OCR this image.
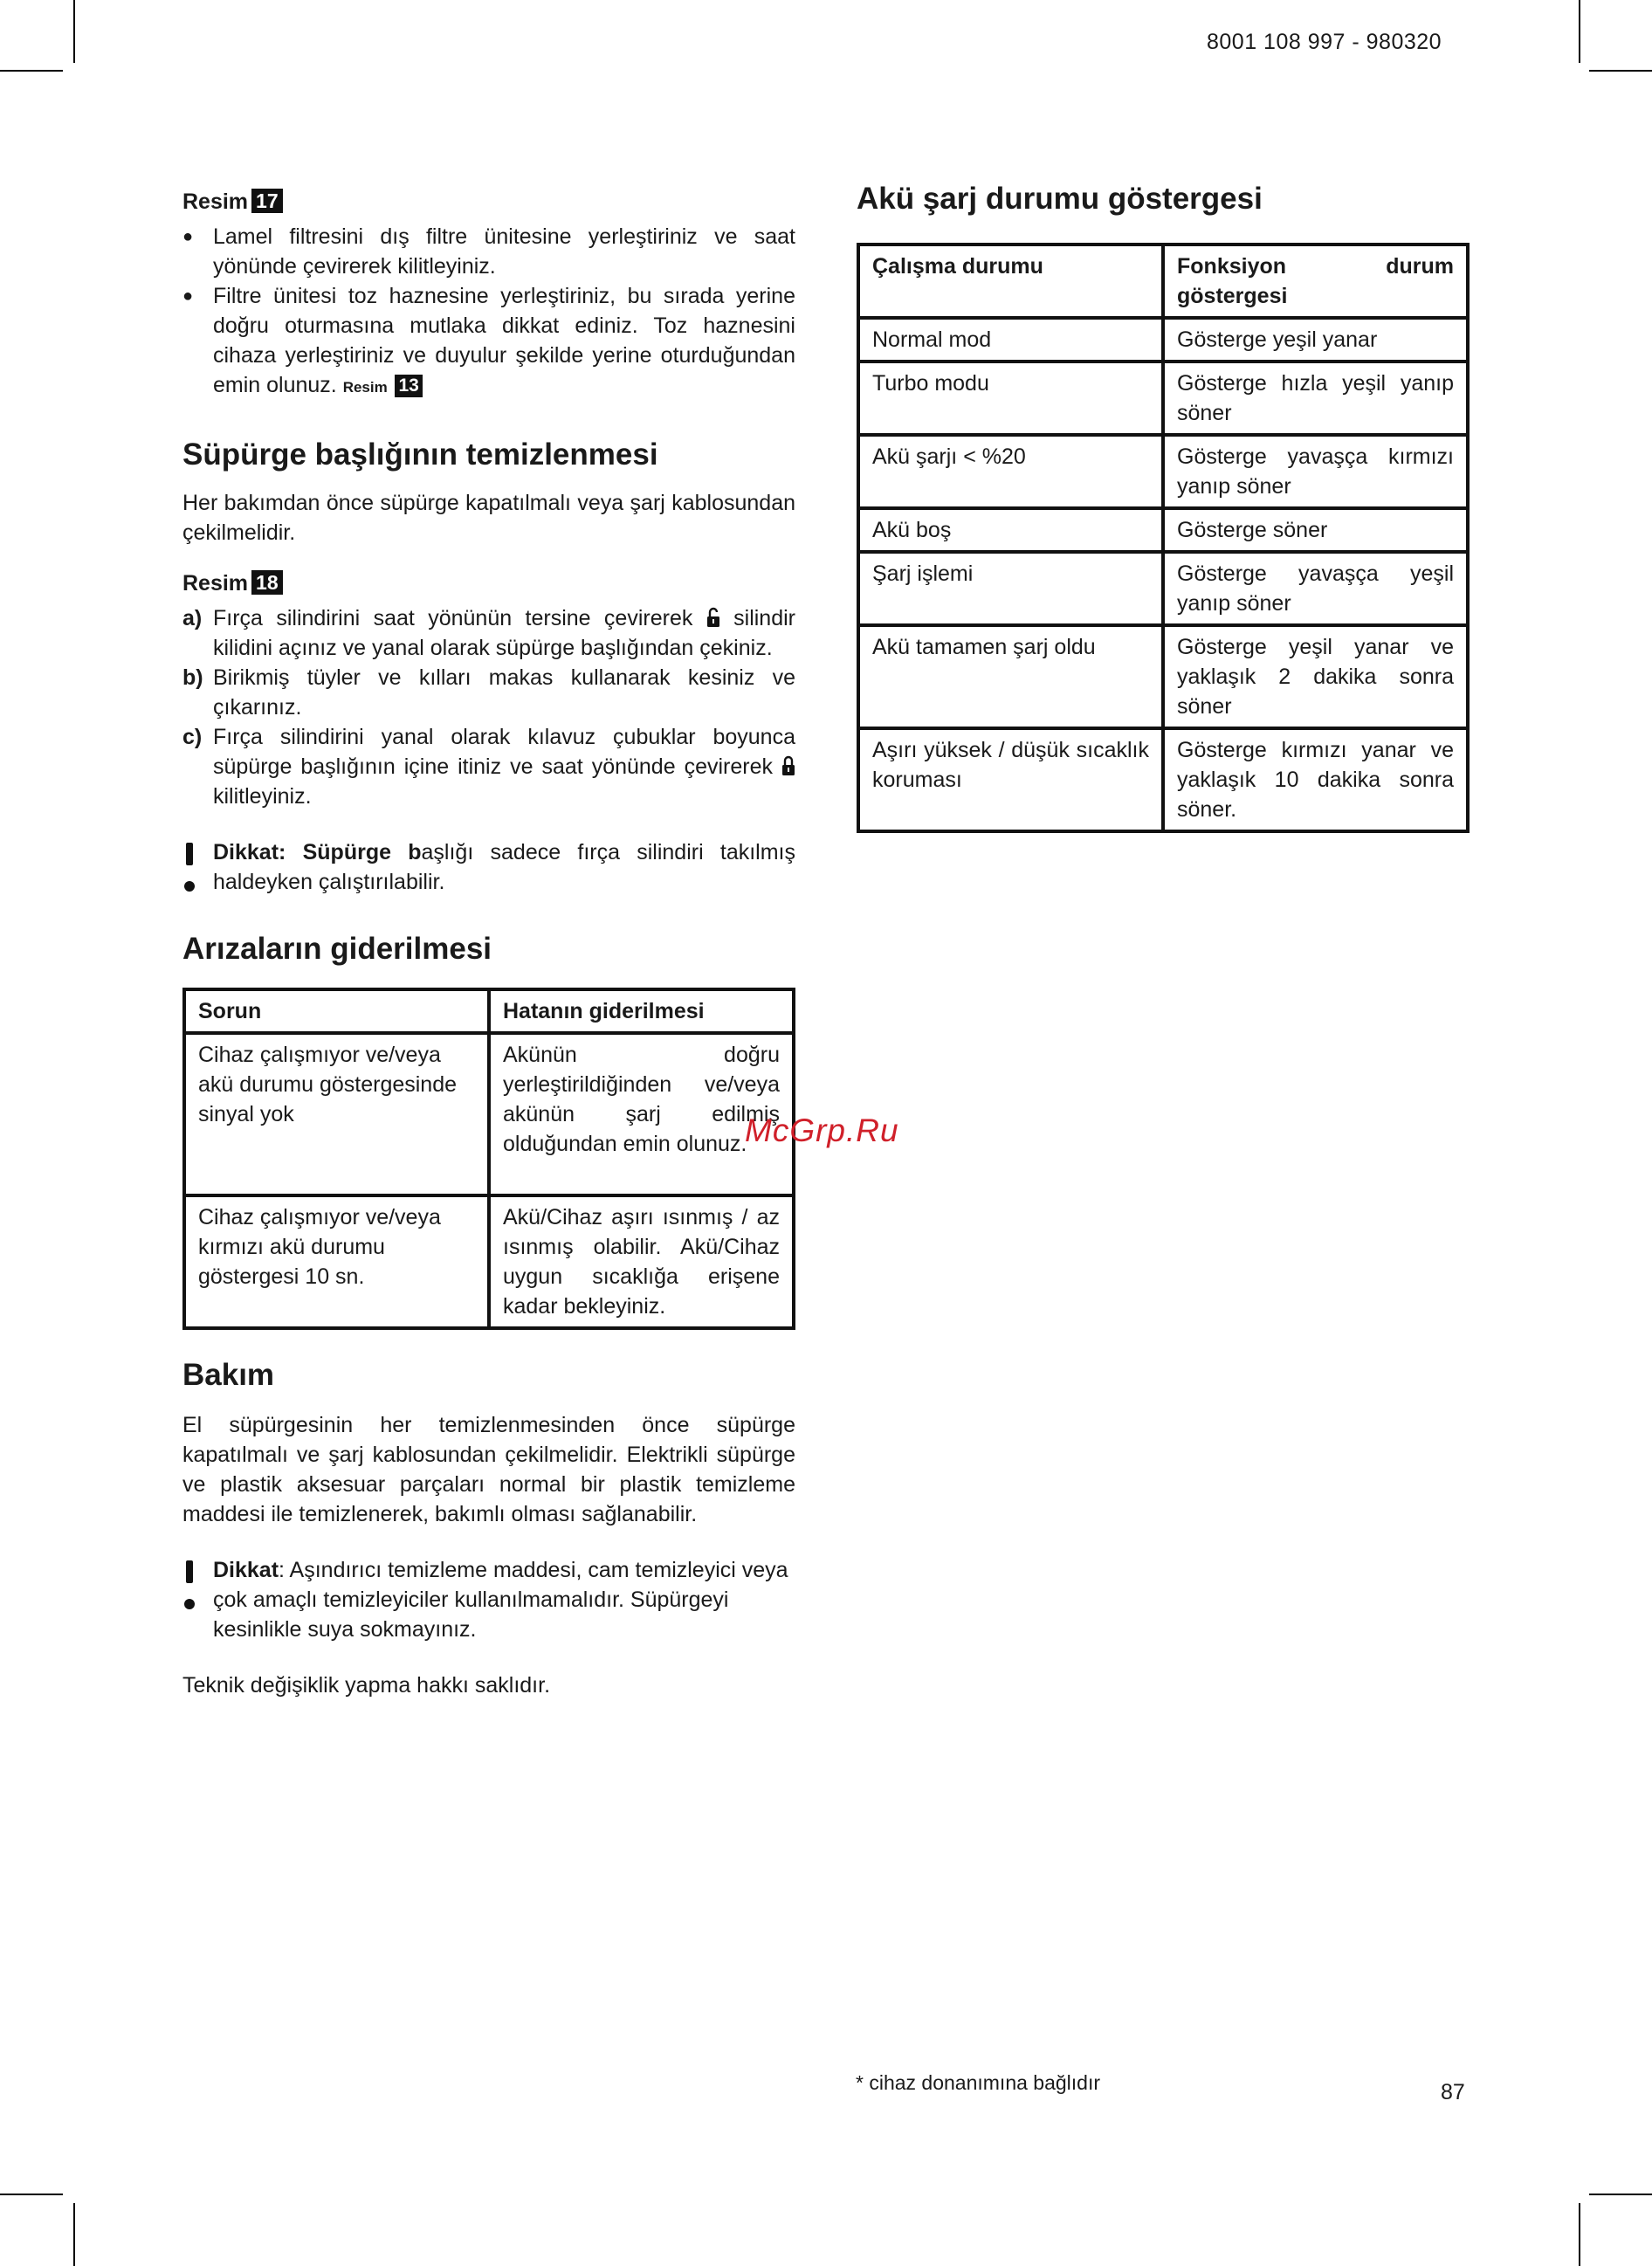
8001 108 997 - 980320
Resim 17
● Lamel filtresini dış filtre ünitesine yerleştiriniz ve saat yönünde çevirerek kilitleyiniz.
● Filtre ünitesi toz haznesine yerleştiriniz, bu sırada yerine doğru oturmasına mutlaka dikkat ediniz. Toz haznesini cihaza yerleştiriniz ve duyulur şekilde yerine oturduğundan emin olunuz. Resim 13
Süpürge başlığının temizlenmesi

Her bakımdan önce süpürge kapatılmalı veya şarj kablosundan çekilmelidir.

Resim 18
a) Fırça silindirini saat yönünün tersine çevirerek silindir kilidini açınız ve yanal olarak süpürge başlığından çekiniz.
b) Birikmiş tüyler ve kılları makas kullanarak kesiniz ve çıkarınız.
c) Fırça silindirini yanal olarak kılavuz çubuklar boyunca süpürge başlığının içine itiniz ve saat yönünde çevirerek  kilitleyiniz.

Dikkat: Süpürge başlığı sadece fırça silindiri takılmış haldeyken çalıştırılabilir.

Arızaların giderilmesi
Sorun	Hatanın giderilmesi
Cihaz çalışmıyor ve/veya akü durumu göstergesinde sinyal yok	Akünün doğru yerleştirildiğinden ve/veya akünün şarj edilmiş olduğundan emin olunuz.
Cihaz çalışmıyor ve/veya kırmızı akü durumu göstergesi 10 sn.	Akü/Cihaz aşırı ısınmış / az ısınmış olabilir. Akü/Cihaz uygun sıcaklığa erişene kadar bekleyiniz.
Bakım

El süpürgesinin her temizlenmesinden önce süpürge kapatılmalı ve şarj kablosundan çekilmelidir. Elektrikli süpürge ve plastik aksesuar parçaları normal bir plastik temizleme maddesi ile temizlenerek, bakımlı olması sağlanabilir.

Dikkat: Aşındırıcı temizleme maddesi, cam temizleyici veya çok amaçlı temizleyiciler kullanılmamalıdır. Süpürgeyi kesinlikle suya sokmayınız.

Teknik değişiklik yapma hakkı saklıdır.

Akü şarj durumu göstergesi
Çalışma durumu	Fonksiyon durum göstergesi
Normal mod	Gösterge yeşil yanar
Turbo modu	Gösterge hızla yeşil yanıp söner
Akü şarjı < %20	Gösterge yavaşça kırmızı yanıp söner
Akü boş	Gösterge söner
Şarj işlemi	Gösterge yavaşça yeşil yanıp söner
Akü tamamen şarj oldu	Gösterge yeşil yanar ve yaklaşık 2 dakika sonra söner
Aşırı yüksek / düşük sıcaklık koruması	Gösterge kırmızı yanar ve yaklaşık 10 dakika sonra söner.
McGrp.Ru
* cihaz donanımına bağlıdır	87
